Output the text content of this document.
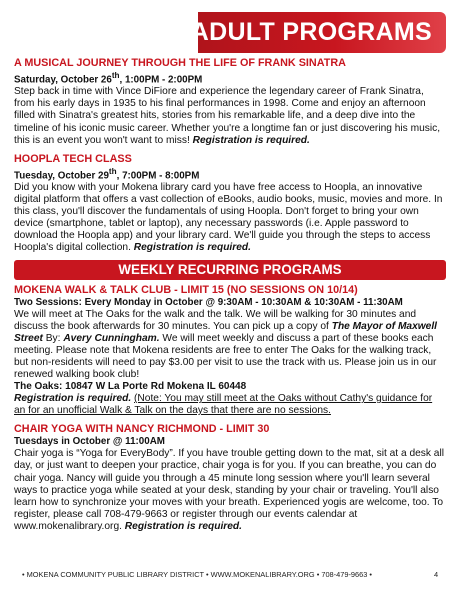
ADULT PROGRAMS
A MUSICAL JOURNEY THROUGH THE LIFE OF FRANK SINATRA
Saturday, October 26th, 1:00PM - 2:00PM

Step back in time with Vince DiFiore and experience the legendary career of Frank Sinatra, from his early days in 1935 to his final performances in 1998. Come and enjoy an afternoon filled with Sinatra's greatest hits, stories from his remarkable life, and a deep dive into the timeline of his iconic music career. Whether you're a longtime fan or just discovering his music, this is an event you won't want to miss! Registration is required.

HOOPLA TECH CLASS
Tuesday, October 29th, 7:00PM - 8:00PM

Did you know with your Mokena library card you have free access to Hoopla, an innovative digital platform that offers a vast collection of eBooks, audio books, music, movies and more. In this class, you'll discover the fundamentals of using Hoopla. Don't forget to bring your own device (smartphone, tablet or laptop), any necessary passwords (i.e. Apple password to download the Hoopla app) and your library card. We'll guide you through the steps to access Hoopla's digital collection. Registration is required.

WEEKLY RECURRING PROGRAMS
MOKENA WALK & TALK CLUB - LIMIT 15 (NO SESSIONS ON 10/14)
Two Sessions: Every Monday in October @ 9:30AM - 10:30AM & 10:30AM - 11:30AM

We will meet at The Oaks for the walk and the talk. We will be walking for 30 minutes and discuss the book afterwards for 30 minutes. You can pick up a copy of The Mayor of Maxwell Street By: Avery Cunningham. We will meet weekly and discuss a part of these books each meeting. Please note that Mokena residents are free to enter The Oaks for the walking track, but non-residents will need to pay $3.00 per visit to use the track with us. Please join us in our renewed walking book club!

The Oaks: 10847 W La Porte Rd Mokena IL 60448

Registration is required. (Note: You may still meet at the Oaks without Cathy's guidance for an for an unofficial Walk & Talk on the days that there are no sessions.

CHAIR YOGA WITH NANCY RICHMOND - LIMIT 30
Tuesdays in October @ 11:00AM

Chair yoga is “Yoga for EveryBody”. If you have trouble getting down to the mat, sit at a desk all day, or just want to deepen your practice, chair yoga is for you. If you can breathe, you can do chair yoga. Nancy will guide you through a 45 minute long session where you'll learn several ways to practice yoga while seated at your desk, standing by your chair or traveling. You'll also learn how to synchronize your moves with your breath. Experienced yogis are welcome, too. To register, please call 708-479-9663 or register through our events calendar at www.mokenalibrary.org. Registration is required.

• MOKENA COMMUNITY PUBLIC LIBRARY DISTRICT • WWW.MOKENALIBRARY.ORG • 708-479-9663 •	4
